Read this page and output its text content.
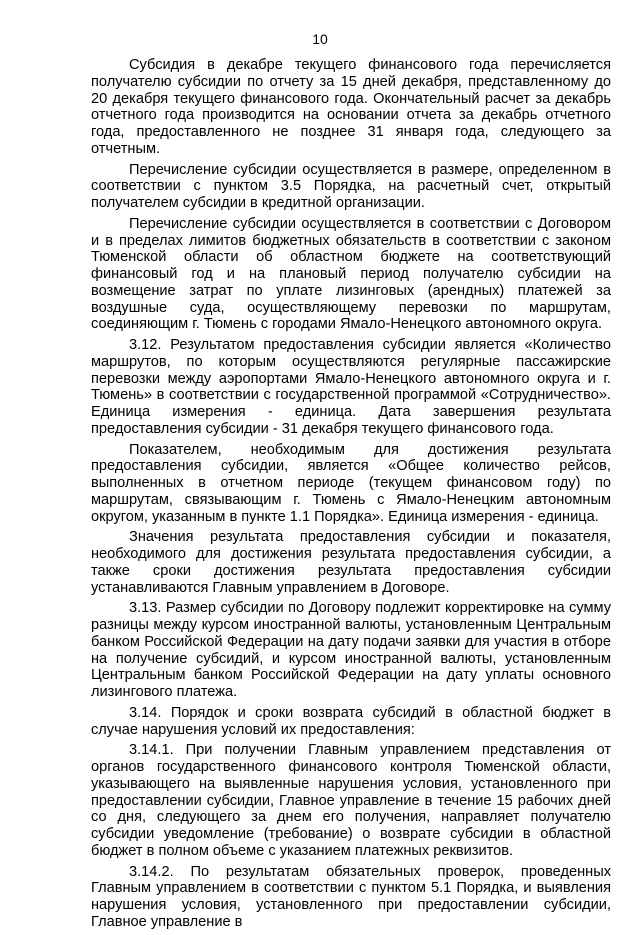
10

Субсидия в декабре текущего финансового года перечисляется получателю субсидии по отчету за 15 дней декабря, представленному до 20 декабря текущего финансового года. Окончательный расчет за декабрь отчетного года производится на основании отчета за декабрь отчетного года, предоставленного не позднее 31 января года, следующего за отчетным.

Перечисление субсидии осуществляется в размере, определенном в соответствии с пунктом 3.5 Порядка, на расчетный счет, открытый получателем субсидии в кредитной организации.

Перечисление субсидии осуществляется в соответствии с Договором и в пределах лимитов бюджетных обязательств в соответствии с законом Тюменской области об областном бюджете на соответствующий финансовый год и на плановый период получателю субсидии на возмещение затрат по уплате лизинговых (арендных) платежей за воздушные суда, осуществляющему перевозки по маршрутам, соединяющим г. Тюмень с городами Ямало-Ненецкого автономного округа.

3.12. Результатом предоставления субсидии является «Количество маршрутов, по которым осуществляются регулярные пассажирские перевозки между аэропортами Ямало-Ненецкого автономного округа и г. Тюмень» в соответствии с государственной программой «Сотрудничество». Единица измерения - единица. Дата завершения результата предоставления субсидии - 31 декабря текущего финансового года.

Показателем, необходимым для достижения результата предоставления субсидии, является «Общее количество рейсов, выполненных в отчетном периоде (текущем финансовом году) по маршрутам, связывающим г. Тюмень с Ямало-Ненецким автономным округом, указанным в пункте 1.1 Порядка». Единица измерения - единица.

Значения результата предоставления субсидии и показателя, необходимого для достижения результата предоставления субсидии, а также сроки достижения результата предоставления субсидии устанавливаются Главным управлением в Договоре.

3.13. Размер субсидии по Договору подлежит корректировке на сумму разницы между курсом иностранной валюты, установленным Центральным банком Российской Федерации на дату подачи заявки для участия в отборе на получение субсидий, и курсом иностранной валюты, установленным Центральным банком Российской Федерации на дату уплаты основного лизингового платежа.

3.14. Порядок и сроки возврата субсидий в областной бюджет в случае нарушения условий их предоставления:

3.14.1. При получении Главным управлением представления от органов государственного финансового контроля Тюменской области, указывающего на выявленные нарушения условия, установленного при предоставлении субсидии, Главное управление в течение 15 рабочих дней со дня, следующего за днем его получения, направляет получателю субсидии уведомление (требование) о возврате субсидии в областной бюджет в полном объеме с указанием платежных реквизитов.

3.14.2. По результатам обязательных проверок, проведенных Главным управлением в соответствии с пунктом 5.1 Порядка, и выявления нарушения условия, установленного при предоставлении субсидии, Главное управление в
